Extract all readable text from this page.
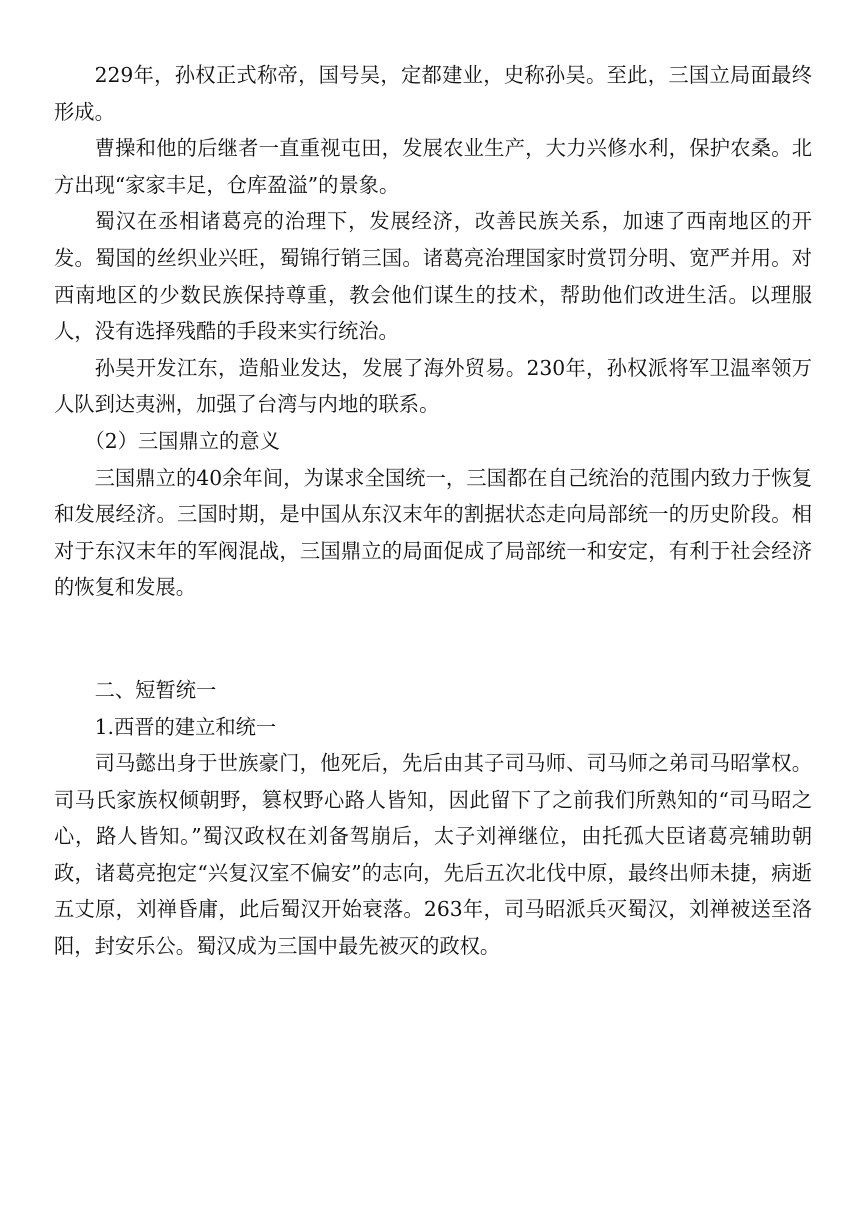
229年，孙权正式称帝，国号吴，定都建业，史称孙吴。至此，三国立局面最终形成。

曹操和他的后继者一直重视屯田，发展农业生产，大力兴修水利，保护农桑。北方出现“家家丰足，仓库盈溢”的景象。

蜀汉在丞相诸葛亮的治理下，发展经济，改善民族关系，加速了西南地区的开发。蜀国的丝织业兴旺，蜀锦行销三国。诸葛亮治理国家时赏罚分明、宽严并用。对西南地区的少数民族保持尊重，教会他们谋生的技术，帮助他们改进生活。以理服人，没有选择残酷的手段来实行统治。

孙吴开发江东，造船业发达，发展了海外贸易。230年，孙权派将军卫温率领万人队到达夷洲，加强了台湾与内地的联系。

（2）三国鼎立的意义

三国鼎立的40余年间，为谋求全国统一，三国都在自己统治的范围内致力于恢复和发展经济。三国时期，是中国从东汉末年的割据状态走向局部统一的历史阶段。相对于东汉末年的军阀混战，三国鼎立的局面促成了局部统一和安定，有利于社会经济的恢复和发展。

二、短暂统一

1.西晋的建立和统一

司马懿出身于世族豪门，他死后，先后由其子司马师、司马师之弟司马昭掌权。司马氏家族权倾朝野，篡权野心路人皆知，因此留下了之前我们所熟知的“司马昭之心，路人皆知。”蜀汉政权在刘备驾崩后，太子刘禅继位，由托孤大臣诸葛亮辅助朝政，诸葛亮抱定“兴复汉室不偏安”的志向，先后五次北伐中原，最终出师未捷，病逝五丈原，刘禅昏庸，此后蜀汉开始衰落。263年，司马昭派兵灭蜀汉，刘禅被送至洛阳，封安乐公。蜀汉成为三国中最先被灭的政权。
